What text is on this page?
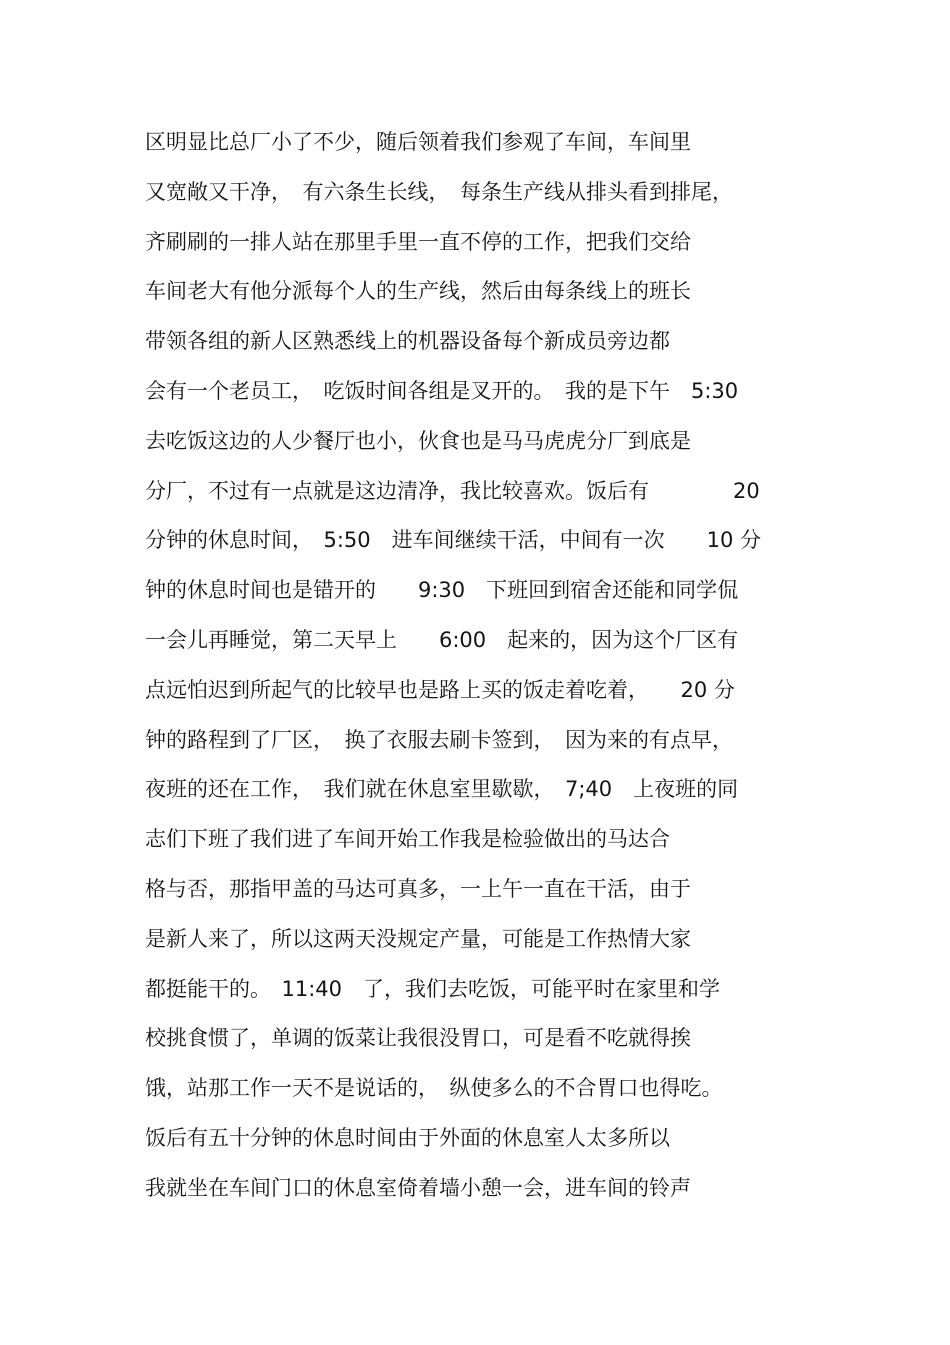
区明显比总厂小了不少，随后领着我们参观了车间，车间里
又宽敞又干净，　有六条生长线，　每条生产线从排头看到排尾，
齐刷刷的一排人站在那里手里一直不停的工作，把我们交给
车间老大有他分派每个人的生产线，然后由每条线上的班长
带领各组的新人区熟悉线上的机器设备每个新成员旁边都
会有一个老员工，　吃饭时间各组是叉开的。　我的是下午　5:30
去吃饭这边的人少餐厅也小，伙食也是马马虎虎分厂到底是
分厂，不过有一点就是这边清净，我比较喜欢。饭后有　　　　20
分钟的休息时间，　5:50　进车间继续干活，中间有一次　　10 分
钟的休息时间也是错开的　　9:30　下班回到宿舍还能和同学侃
一会儿再睡觉，第二天早上　　6:00　起来的，因为这个厂区有
点远怕迟到所起气的比较早也是路上买的饭走着吃着，　　20 分
钟的路程到了厂区，　换了衣服去刷卡签到，　因为来的有点早，
夜班的还在工作，　我们就在休息室里歇歇，　7;40　上夜班的同
志们下班了我们进了车间开始工作我是检验做出的马达合
格与否，那指甲盖的马达可真多，一上午一直在干活，由于
是新人来了，所以这两天没规定产量，可能是工作热情大家
都挺能干的。　11:40　了，我们去吃饭，可能平时在家里和学
校挑食惯了，单调的饭菜让我很没胃口，可是看不吃就得挨
饿，站那工作一天不是说话的，　纵使多么的不合胃口也得吃。
饭后有五十分钟的休息时间由于外面的休息室人太多所以
我就坐在车间门口的休息室倚着墙小憩一会，进车间的铃声
